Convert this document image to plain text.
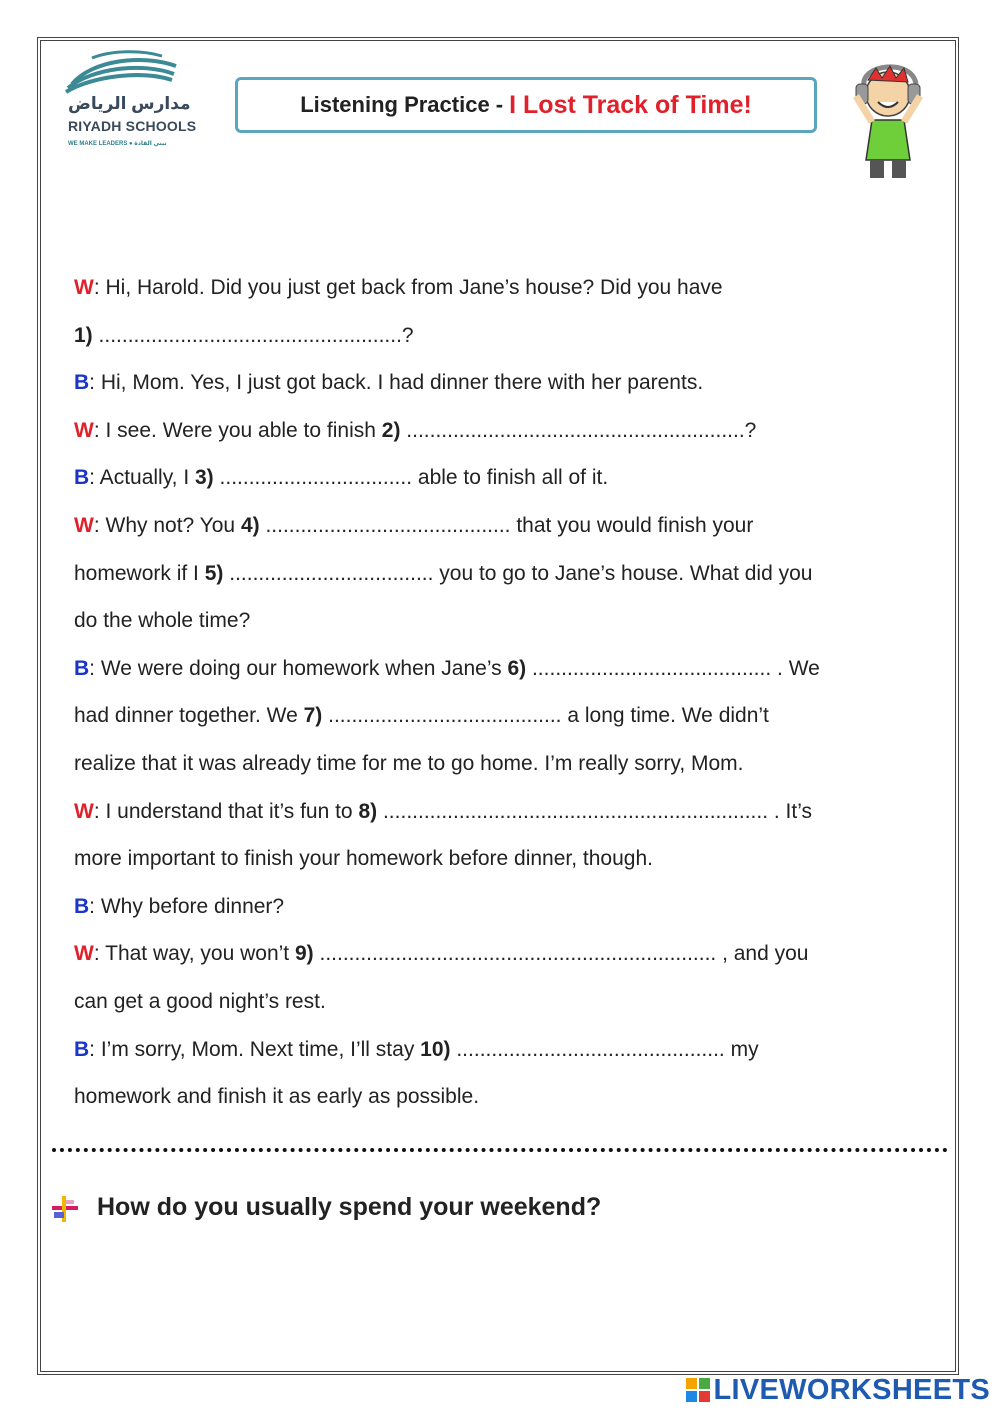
مدارس الرياض
RIYADH SCHOOLS
WE MAKE LEADERS ● نبني القادة
Listening Practice - I Lost Track of Time!
W: Hi, Harold. Did you just get back from Jane’s house? Did you have
1) ....................................................?
B: Hi, Mom. Yes, I just got back. I had dinner there with her parents.
W: I see. Were you able to finish 2) ..........................................................?
B: Actually, I 3) ................................. able to finish all of it.
W: Why not? You 4) .......................................... that you would finish your
homework if I 5) ................................... you to go to Jane’s house. What did you
do the whole time?
B: We were doing our homework when Jane’s 6) ......................................... . We
had dinner together. We 7) ........................................ a long time. We didn’t
realize that it was already time for me to go home. I’m really sorry, Mom.
W: I understand that it’s fun to 8) .................................................................. . It’s
more important to finish your homework before dinner, though.
B: Why before dinner?
W: That way, you won’t 9) .................................................................... , and you
can get a good night’s rest.
B: I’m sorry, Mom. Next time, I’ll stay 10) .............................................. my
homework and finish it as early as possible.
How do you usually spend your weekend?
LIVEWORKSHEETS
